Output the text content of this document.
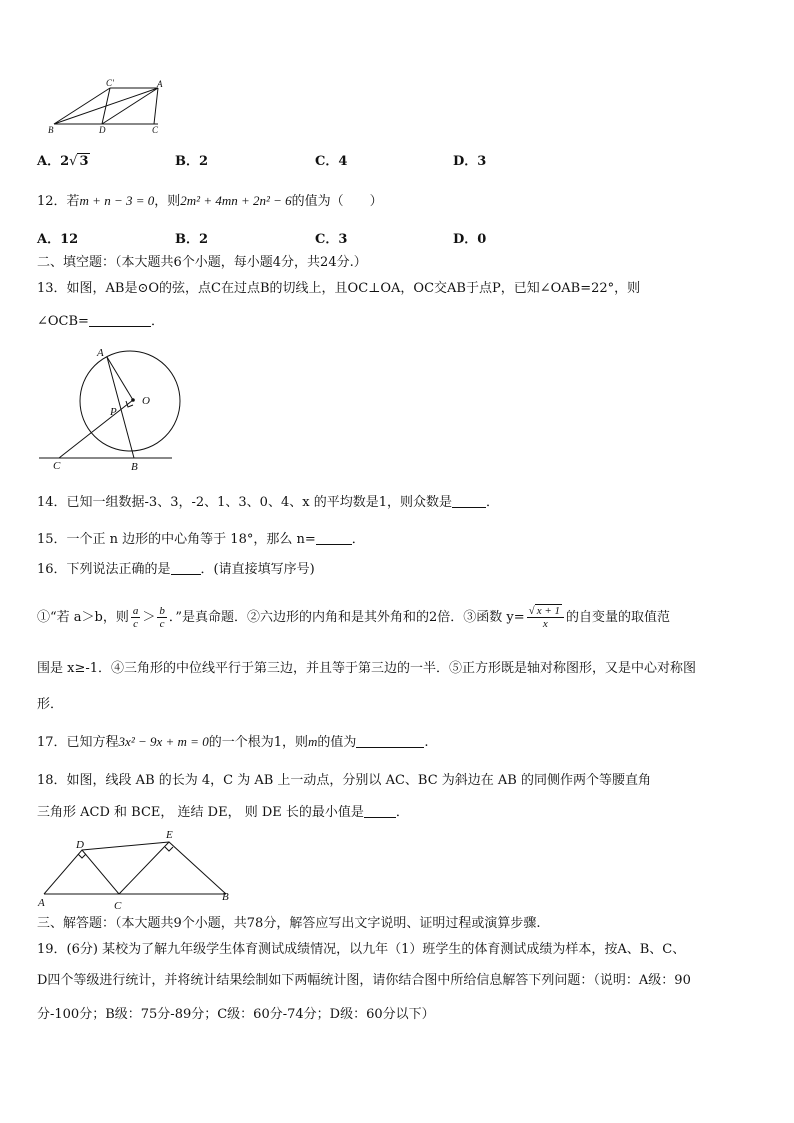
C'	A
B	D	C
A．2√ 3	B．2	C．4	D．3
12．若m + n − 3 = 0，则2m² + 4mn + 2n² − 6的值为（　　）
A．12	B．2	C．3	D．0
二、填空题：（本大题共6个小题，每小题4分，共24分.）
13．如图，AB是⊙O的弦，点C在过点B的切线上，且OC⊥OA，OC交AB于点P，已知∠OAB=22°，则
∠OCB=	．
A
O
P
C	B
14．已知一组数据-3、3，-2、1、3、0、4、x 的平均数是1，则众数是	．
15．一个正 n 边形的中心角等于 18°，那么 n=	．
16．下列说法正确的是 ．(请直接填写序号)
①“若 a＞b，则 $\frac{a}{c} > \frac{b}{c}$ ．”是真命题．②六边形的内角和是其外角和的2倍．③函数 $y= \frac{√ x + 1}{x}$ 的自变量的取值范
围是 x≥-1．④三角形的中位线平行于第三边，并且等于第三边的一半．⑤正方形既是轴对称图形，又是中心对称图
形．
17．已知方程3x² − 9x + m = 0的一个根为1，则m的值为	.
18．如图，线段 AB 的长为 4，C 为 AB 上一动点，分别以 AC、BC 为斜边在 AB 的同侧作两个等腰直角
三角形 ACD 和 BCE， 连结 DE， 则 DE 长的最小值是 ．
D
E
A	C
B
三、解答题：（本大题共9个小题，共78分，解答应写出文字说明、证明过程或演算步骤.
19．(6分) 某校为了解九年级学生体育测试成绩情况，以九年（1）班学生的体育测试成绩为样本，按A、B、C、
D四个等级进行统计，并将统计结果绘制如下两幅统计图，请你结合图中所给信息解答下列问题：（说明：A级：90
分-100分；B级：75分-89分；C级：60分-74分；D级：60分以下）
